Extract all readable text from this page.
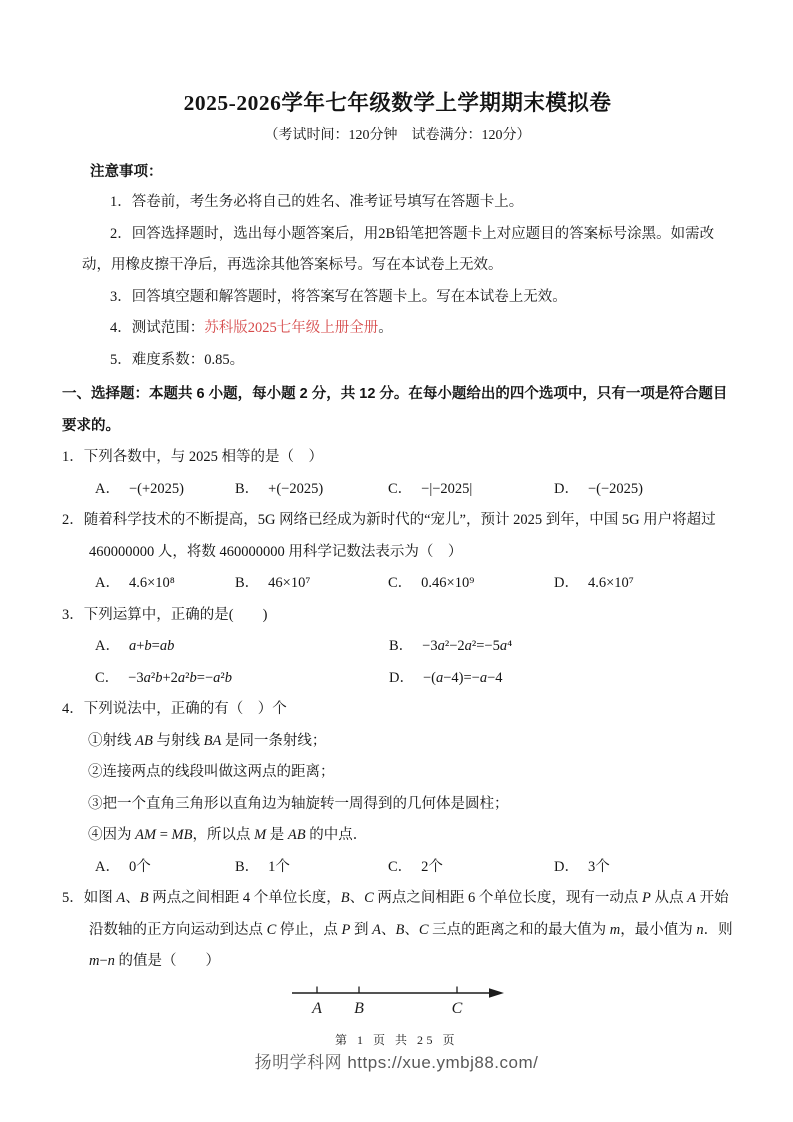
2025-2026学年七年级数学上学期期末模拟卷
（考试时间：120分钟　试卷满分：120分）
注意事项：

1．答卷前，考生务必将自己的姓名、准考证号填写在答题卡上。

2．回答选择题时，选出每小题答案后，用2B铅笔把答题卡上对应题目的答案标号涂黑。如需改动，用橡皮擦干净后，再选涂其他答案标号。写在本试卷上无效。

3．回答填空题和解答题时，将答案写在答题卡上。写在本试卷上无效。

4．测试范围：苏科版2025七年级上册全册。

5．难度系数：0.85。

一、选择题：本题共 6 小题，每小题 2 分，共 12 分。在每小题给出的四个选项中，只有一项是符合题目要求的。

1．下列各数中，与 2025 相等的是（　）

A． −(+2025)	B． +(−2025)	C． −|−2025|	D． −(−2025)

2．随着科学技术的不断提高，5G 网络已经成为新时代的“宠儿”，预计 2025 到年，中国 5G 用户将超过 460000000 人，将数 460000000 用科学记数法表示为（　）

A． 4.6×10⁸	B． 46×10⁷	C． 0.46×10⁹	D． 4.6×10⁷

3．下列运算中，正确的是(　　)

A． a+b=ab	B． −3a²−2a²=−5a⁴
C． −3a²b+2a²b=−a²b	D． −(a−4)=−a−4

4．下列说法中，正确的有（　）个

①射线 AB 与射线 BA 是同一条射线；

②连接两点的线段叫做这两点的距离；

③把一个直角三角形以直角边为轴旋转一周得到的几何体是圆柱；

④因为 AM = MB，所以点 M 是 AB 的中点．

A． 0个	B． 1个	C． 2个	D． 3个

5．如图 A、B 两点之间相距 4 个单位长度，B、C 两点之间相距 6 个单位长度，现有一动点 P 从点 A 开始沿数轴的正方向运动到达点 C 停止，点 P 到 A、B、C 三点的距离之和的最大值为 m，最小值为 n．则 m−n 的值是（　　）

A B	C
第 1 页 共 25 页
扬明学科网 https://xue.ymbj88.com/
